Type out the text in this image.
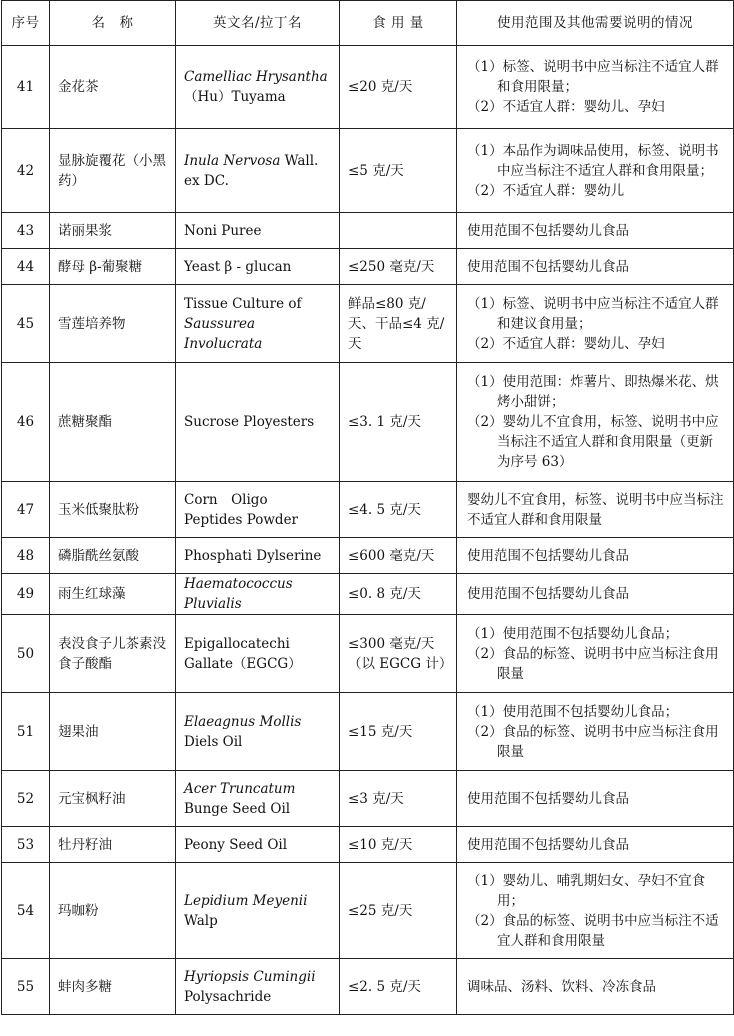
序号	名　称	英文名/拉丁名	食 用 量	使用范围及其他需要说明的情况
41	金花茶	Camelliac Hrysantha（Hu）Tuyama	≤20 克/天	（1）标签、说明书中应当标注不适宜人群和食用限量；
（2）不适宜人群：婴幼儿、孕妇

42	显脉旋覆花（小黑药）	Inula Nervosa Wall. ex DC.	≤5 克/天	（1）本品作为调味品使用，标签、说明书中应当标注不适宜人群和食用限量；
（2）不适宜人群：婴幼儿

43	诺丽果浆	Noni Puree		使用范围不包括婴幼儿食品

44	酵母 β-葡聚糖	Yeast β - glucan	≤250 毫克/天	使用范围不包括婴幼儿食品

45	雪莲培养物	Tissue Culture of Saussurea Involucrata	鲜品≤80 克/天、干品≤4 克/天	（1）标签、说明书中应当标注不适宜人群和建议食用量；
（2）不适宜人群：婴幼儿、孕妇

46	蔗糖聚酯	Sucrose Ployesters	≤3. 1 克/天	（1）使用范围：炸薯片、即热爆米花、烘烤小甜饼；
（2）婴幼儿不宜食用，标签、说明书中应当标注不适宜人群和食用限量（更新为序号 63）

47	玉米低聚肽粉	Corn　Oligo　Peptides Powder	≤4. 5 克/天	婴幼儿不宜食用，标签、说明书中应当标注不适宜人群和食用限量

48	磷脂酰丝氨酸	Phosphati Dylserine	≤600 毫克/天	使用范围不包括婴幼儿食品

49	雨生红球藻	Haematococcus Pluvialis	≤0. 8 克/天	使用范围不包括婴幼儿食品

50	表没食子儿茶素没食子酸酯	Epigallocatechi Gallate（EGCG）	≤300 毫克/天（以 EGCG 计）	（1）使用范围不包括婴幼儿食品；
（2）食品的标签、说明书中应当标注食用限量

51	翅果油	Elaeagnus Mollis Diels Oil	≤15 克/天	（1）使用范围不包括婴幼儿食品；
（2）食品的标签、说明书中应当标注食用限量

52	元宝枫籽油	Acer Truncatum Bunge Seed Oil	≤3 克/天	使用范围不包括婴幼儿食品

53	牡丹籽油	Peony Seed Oil	≤10 克/天	使用范围不包括婴幼儿食品

54	玛咖粉	Lepidium Meyenii Walp	≤25 克/天	（1）婴幼儿、哺乳期妇女、孕妇不宜食用；
（2）食品的标签、说明书中应当标注不适宜人群和食用限量

55	蚌肉多糖	Hyriopsis Cumingii Polysachride	≤2. 5 克/天	调味品、汤料、饮料、冷冻食品
